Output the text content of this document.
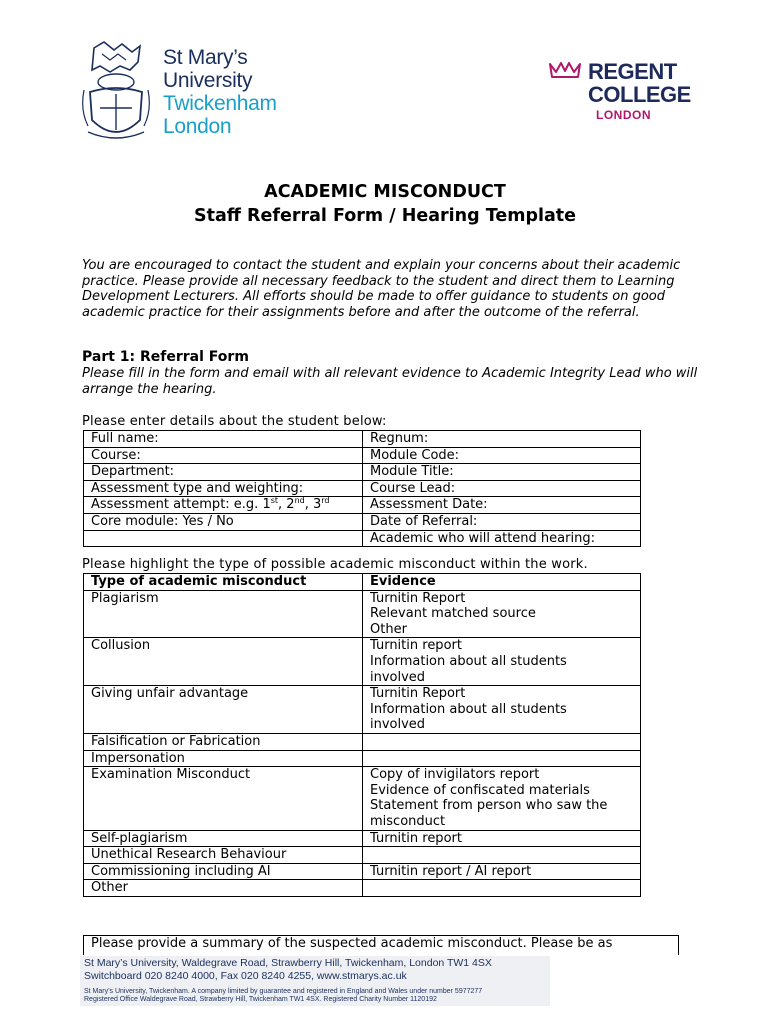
St Mary’s
University
Twickenham
London
REGENT
COLLEGE
LONDON
ACADEMIC MISCONDUCT
Staff Referral Form / Hearing Template
You are encouraged to contact the student and explain your concerns about their academic practice. Please provide all necessary feedback to the student and direct them to Learning Development Lecturers. All efforts should be made to offer guidance to students on good academic practice for their assignments before and after the outcome of the referral.
Part 1: Referral Form
Please fill in the form and email with all relevant evidence to Academic Integrity Lead who will arrange the hearing.
Please enter details about the student below:
Full name:	Regnum:
Course:	Module Code:
Department:	Module Title:
Assessment type and weighting:	Course Lead:
Assessment attempt: e.g. 1st, 2nd, 3rd	Assessment Date:
Core module: Yes / No	Date of Referral:
	Academic who will attend hearing:
Please highlight the type of possible academic misconduct within the work.
Type of academic misconduct	Evidence
Plagiarism	Turnitin Report
Relevant matched source
Other

Collusion	Turnitin report
Information about all students
involved

Giving unfair advantage	Turnitin Report
Information about all students
involved

Falsification or Fabrication	
Impersonation	
Examination Misconduct	Copy of invigilators report
Evidence of confiscated materials
Statement from person who saw the
misconduct

Self-plagiarism	Turnitin report

Unethical Research Behaviour	
Commissioning including AI	Turnitin report / AI report

Other	
Please provide a summary of the suspected academic misconduct. Please be as
St Mary’s University, Waldegrave Road, Strawberry Hill, Twickenham, London TW1 4SX
Switchboard 020 8240 4000, Fax 020 8240 4255, www.stmarys.ac.uk
St Mary’s University, Twickenham. A company limited by guarantee and registered in England and Wales under number 5977277
Registered Office Waldegrave Road, Strawberry Hill, Twickenham TW1 4SX. Registered Charity Number 1120192
